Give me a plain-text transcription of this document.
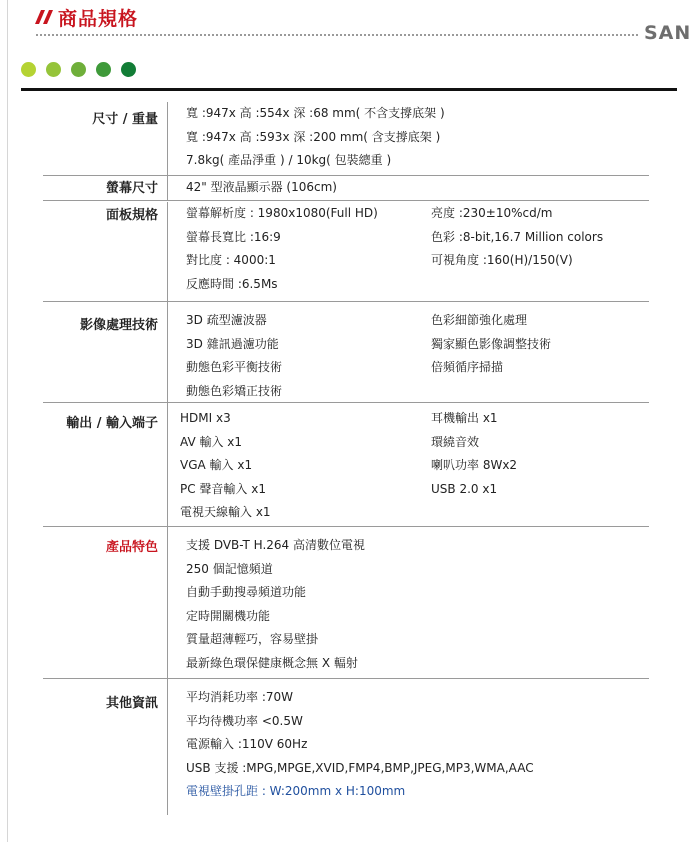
商品規格
SAN
尺寸 / 重量 寬 :947x 高 :554x 深 :68 mm( 不含支撐底架 )
寬 :947x 高 :593x 深 :200 mm( 含支撐底架 )
7.8kg( 產品淨重 ) / 10kg( 包裝總重 )
螢幕尺寸 42" 型液晶顯示器 (106cm)
面板規格 螢幕解析度 : 1980x1080(Full HD)
螢幕長寬比 :16:9
對比度 : 4000:1
反應時間 :6.5Ms
亮度 :230±10%cd/m
色彩 :8-bit,16.7 Million colors
可視角度 :160(H)/150(V)
影像處理技術 3D 疏型濾波器
3D 雜訊過濾功能
動態色彩平衡技術
動態色彩矯正技術
色彩細節強化處理
獨家顯色影像調整技術
倍頻循序掃描
輸出 / 輸入端子 HDMI x3
AV 輸入 x1
VGA 輸入 x1
PC 聲音輸入 x1
電視天線輸入 x1
耳機輸出 x1
環繞音效
喇叭功率 8Wx2
USB 2.0 x1
產品特色 支援 DVB-T H.264 高清數位電視
250 個記憶頻道
自動手動搜尋頻道功能
定時開關機功能
質量超薄輕巧，容易壁掛
最新綠色環保健康概念無 X 輻射
其他資訊 平均消耗功率 :70W
平均待機功率 <0.5W
電源輸入 :110V 60Hz
USB 支援 :MPG,MPGE,XVID,FMP4,BMP,JPEG,MP3,WMA,AAC
電視壁掛孔距 : W:200mm x H:100mm
